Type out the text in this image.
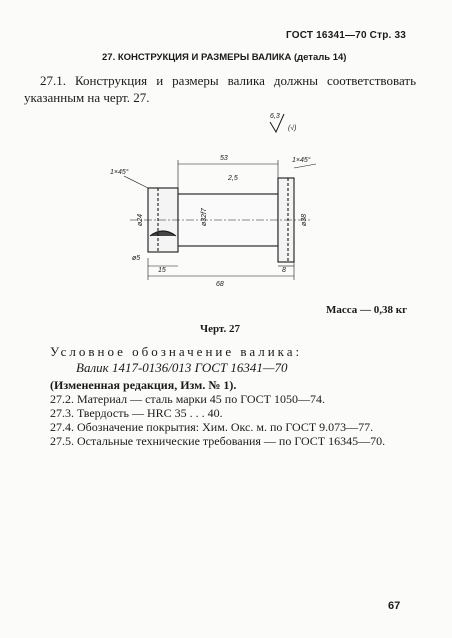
ГОСТ 16341—70 Стр. 33
27. КОНСТРУКЦИЯ И РАЗМЕРЫ ВАЛИКА (деталь 14)
27.1. Конструкция и размеры валика должны соответствовать указанным на черт. 27.
6,3
(√)
53
1×45°
1×45°
2,5
ø24	ø32f7	ø38
ø5
15	8
68
Масса — 0,38 кг
Черт. 27
Условное обозначение валика:
Валик 1417-0136/013 ГОСТ 16341—70
(Измененная редакция, Изм. № 1).
27.2. Материал — сталь марки 45 по ГОСТ 1050—74.
27.3. Твердость — HRC 35 . . . 40.
27.4. Обозначение покрытия: Хим. Окс. м. по ГОСТ 9.073—77.
27.5. Остальные технические требования — по ГОСТ 16345—70.
67
